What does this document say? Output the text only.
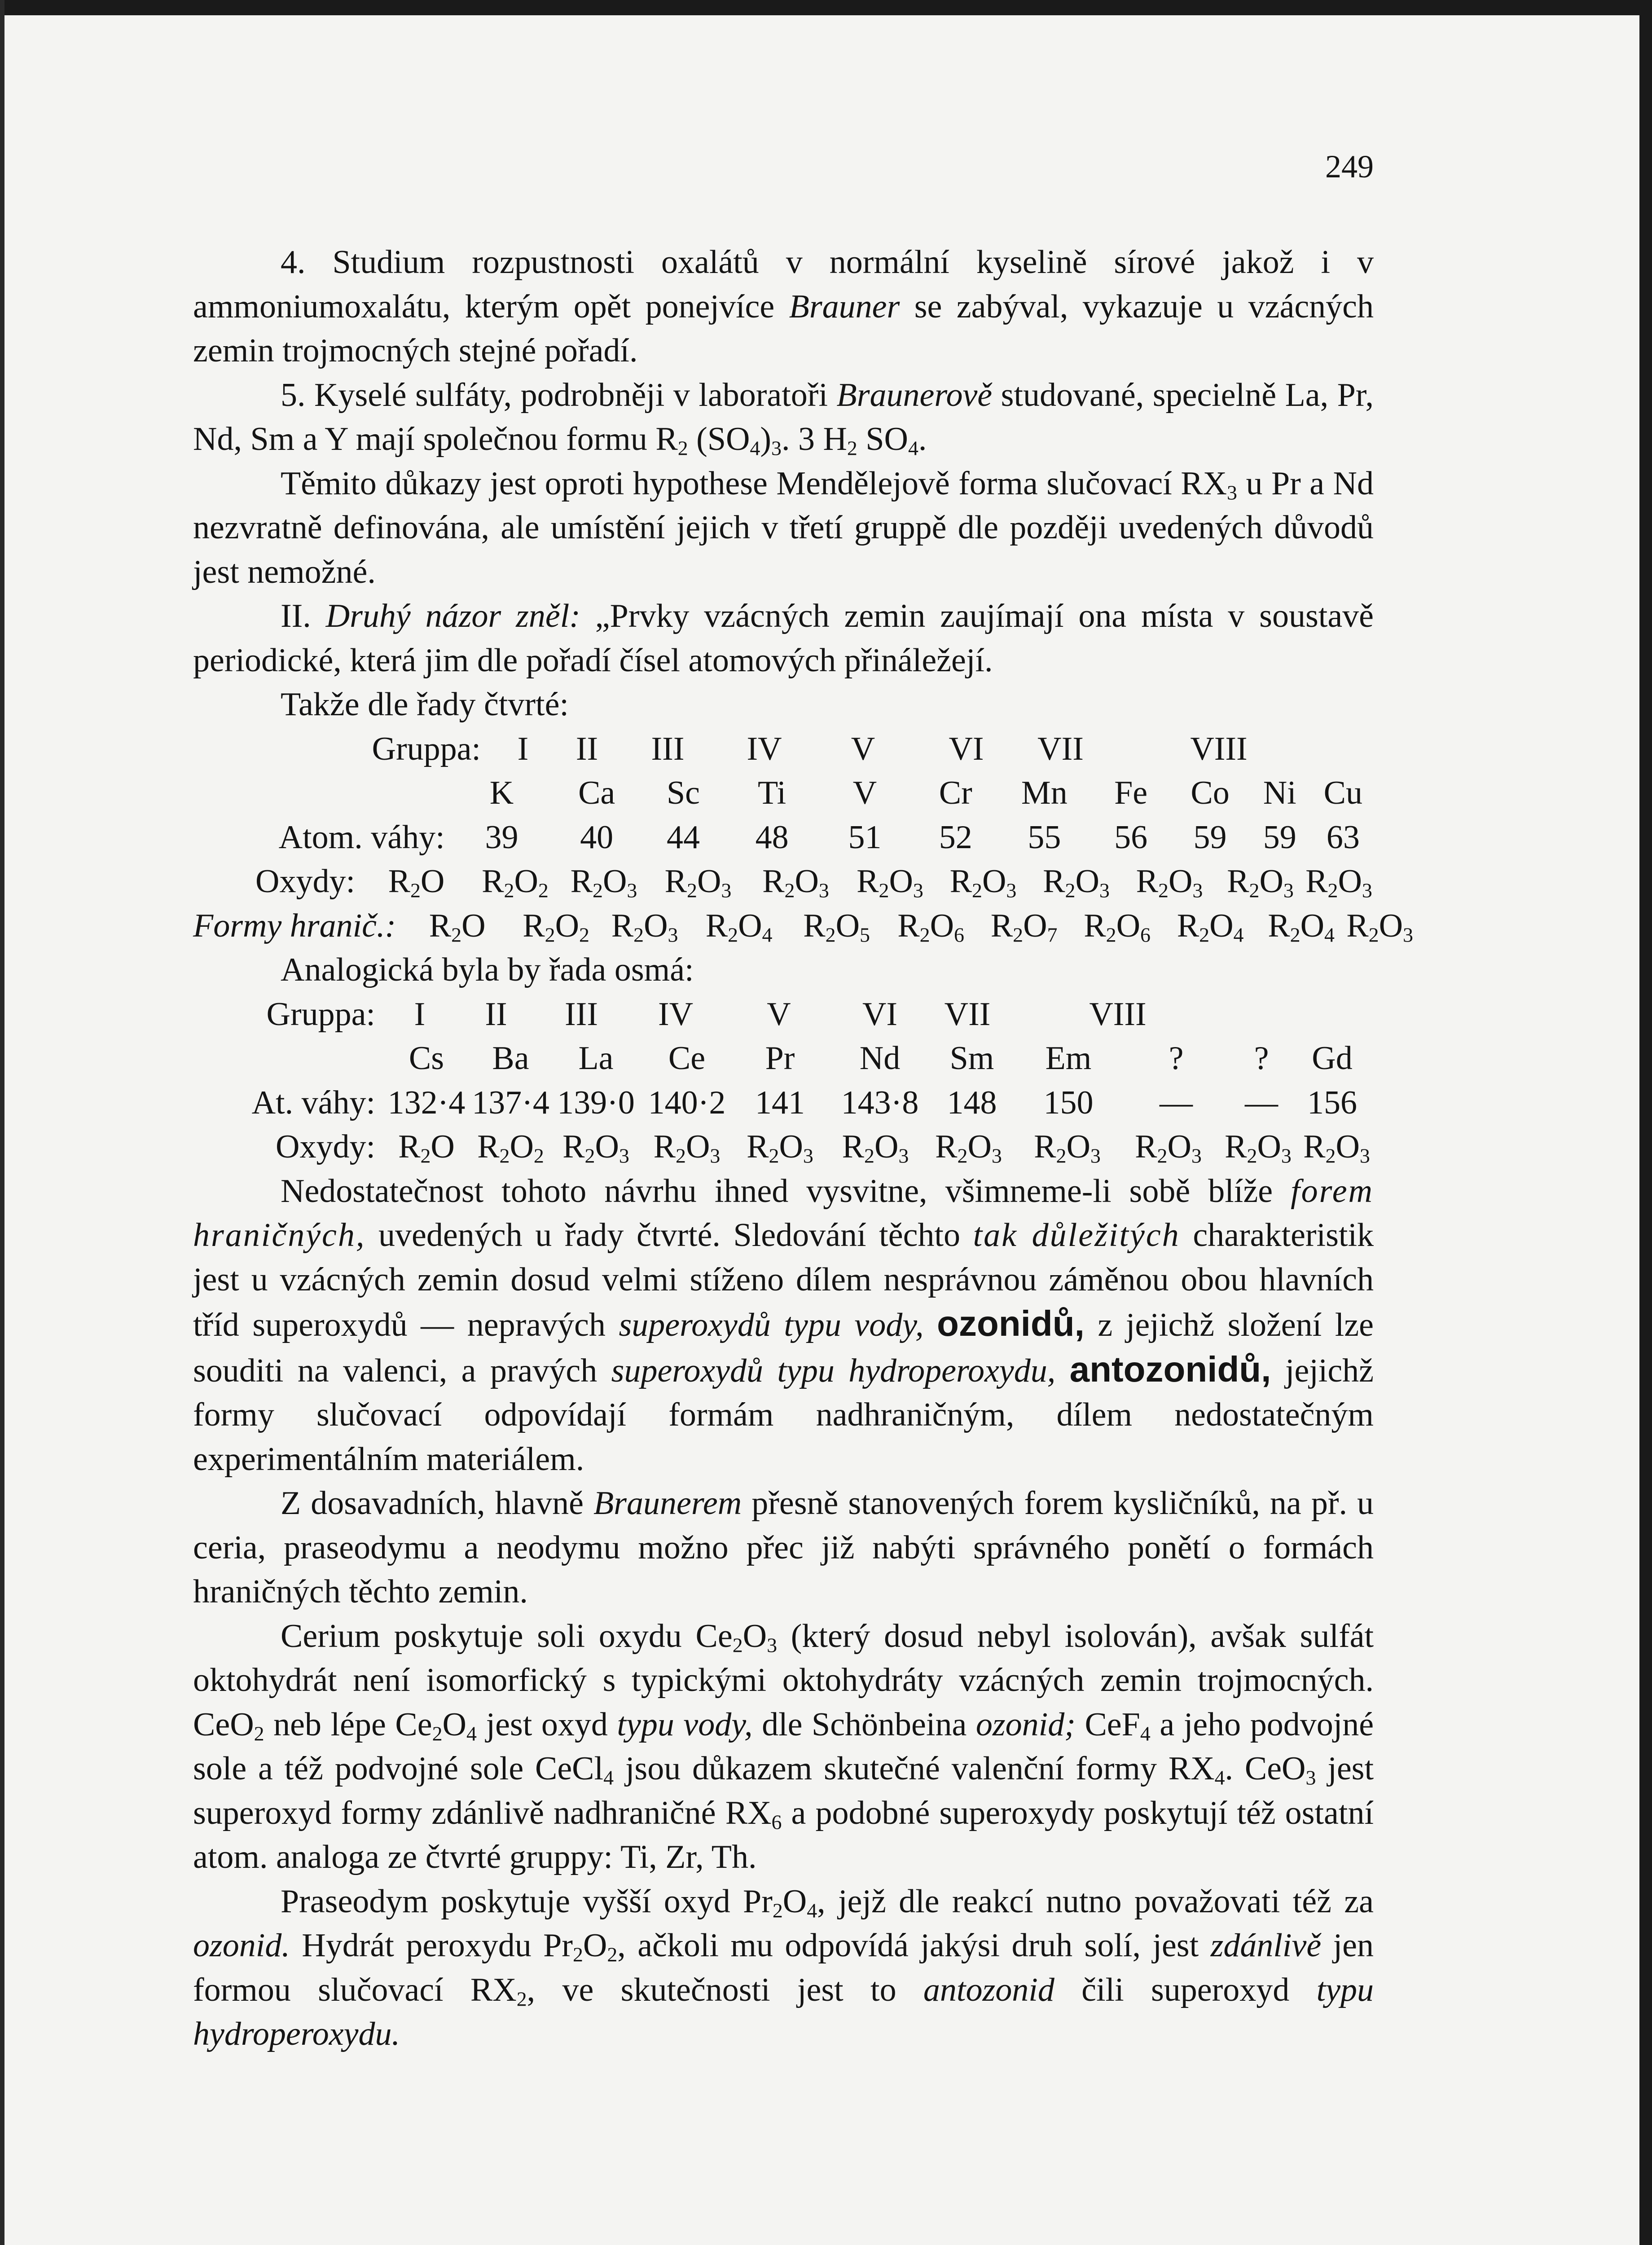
249

4. Studium rozpustnosti oxalátů v normální kyselině sírové jakož i v ammoniumoxalátu, kterým opět ponejvíce Brauner se zabýval, vykazuje u vzácných zemin trojmocných stejné pořadí.

5. Kyselé sulfáty, podrobněji v laboratoři Braunerově studované, specielně La, Pr, Nd, Sm a Y mají společnou formu $R_2$ $(SO_4)_3$. 3 $H_2$ $SO_4$.

Těmito důkazy jest oproti hypothese Mendělejově forma slučovací $RX_3$ u Pr a Nd nezvratně definována, ale umístění jejich v třetí gruppě dle později uvedených důvodů jest nemožné.

II. Druhý názor zněl: „Prvky vzácných zemin zaujímají ona místa v soustavě periodické, která jim dle pořadí čísel atomových přináležejí.

Takže dle řady čtvrté:

Gruppa:	I	II	III	IV	V	VI	VII	VIII
K	Ca	Sc	Ti	V	Cr	Mn	Fe	Co	Ni Cu
Atom. váhy:	39	40	44	48	51	52	55	56	59	59 63
Oxydy: $R_2O$ $R_2O_2$ $R_2O_3$ $R_2O_3$ $R_2O_3$ $R_2O_3$ $R_2O_3$ $R_2O_3$ $R_2O_3$ $R_2O_3$ $R_2O_3$
Formy hranič.: $R_2O$ $R_2O_2$ $R_2O_3$ $R_2O_4$ $R_2O_5$ $R_2O_6$ $R_2O_7$ $R_2O_6$ $R_2O_4$ $R_2O_4$ $R_2O_3$

Analogická byla by řada osmá:

Gruppa:	I	II	III	IV	V	VI	VII	VIII
Cs	Ba	La	Ce	Pr	Nd	Sm	Em	?	?	Gd
At. váhy: 132·4 137·4 139·0 140·2 141	143·8 148	150	—	— 156
Oxydy: $R_2O$ $R_2O_2$ $R_2O_3$ $R_2O_3$ $R_2O_3$ $R_2O_3$ $R_2O_3$ $R_2O_3$ $R_2O_3$ $R_2O_3$ $R_2O_3$

Nedostatečnost tohoto návrhu ihned vysvitne, všimneme-li sobě blíže forem hraničných, uvedených u řady čtvrté. Sledování těchto tak důležitých charakteristik jest u vzácných zemin dosud velmi stíženo dílem nesprávnou záměnou obou hlavních tříd superoxydů — nepravých superoxydů typu vody, ozonidů, z jejichž složení lze souditi na valenci, a pravých superoxydů typu hydroperoxydu, antozonidů, jejichž formy slučovací odpovídají formám nadhraničným, dílem nedostatečným experimentálním materiálem.

Z dosavadních, hlavně Braunerem přesně stanovených forem kysličníků, na př. u ceria, praseodymu a neodymu možno přec již nabýti správného ponětí o formách hraničných těchto zemin.

Cerium poskytuje soli oxydu $Ce_2O_3$ (který dosud nebyl isolován), avšak sulfát oktohydrát není isomorfický s typickými oktohydráty vzácných zemin trojmocných. CeO$_2$ neb lépe $Ce_2O_4$ jest oxyd typu vody, dle Schönbeina ozonid; CeF$_4$ a jeho podvojné sole a též podvojné sole CeCl$_4$ jsou důkazem skutečné valenční formy $RX_4$. CeO$_3$ jest superoxyd formy zdánlivě nadhraničné $RX_6$ a podobné superoxydy poskytují též ostatní atom. analoga ze čtvrté gruppy: Ti, Zr, Th.

Praseodym poskytuje vyšší oxyd $Pr_2O_4$, jejž dle reakcí nutno považovati též za ozonid. Hydrát peroxydu $Pr_2O_2$, ačkoli mu odpovídá jakýsi druh solí, jest zdánlivě jen formou slučovací $RX_2$, ve skutečnosti jest to antozonid čili superoxyd typu hydroperoxydu.
